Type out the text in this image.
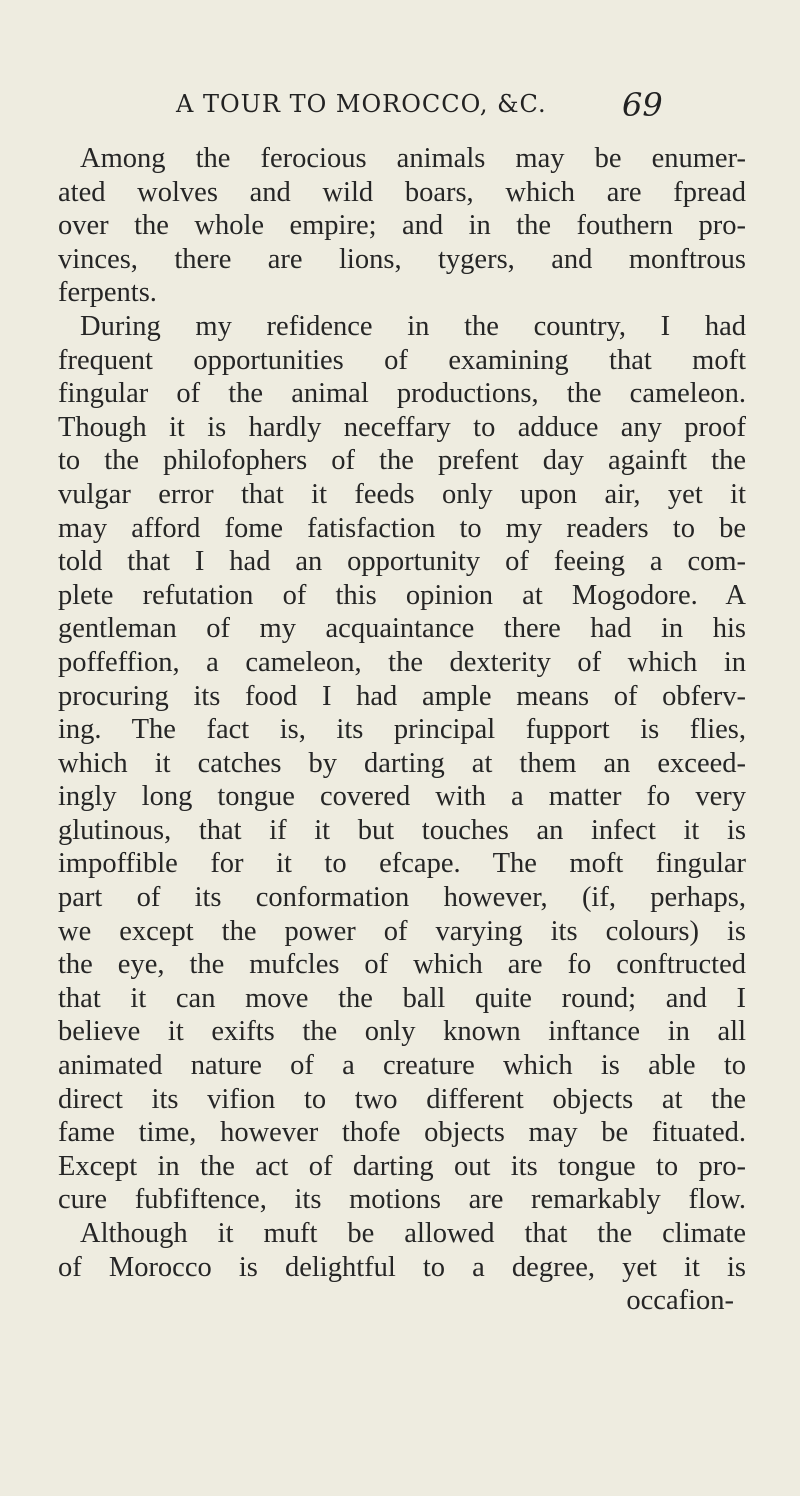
A TOUR TO MOROCCO, &C. 69
Among the ferocious animals may be enumer-
ated wolves and wild boars, which are fpread
over the whole empire; and in the fouthern pro-
vinces, there are lions, tygers, and monftrous
ferpents.
During my refidence in the country, I had
frequent opportunities of examining that moft
fingular of the animal productions, the cameleon.
Though it is hardly neceffary to adduce any proof
to the philofophers of the prefent day againft the
vulgar error that it feeds only upon air, yet it
may afford fome fatisfaction to my readers to be
told that I had an opportunity of feeing a com-
plete refutation of this opinion at Mogodore. A
gentleman of my acquaintance there had in his
poffeffion, a cameleon, the dexterity of which in
procuring its food I had ample means of obferv-
ing. The fact is, its principal fupport is flies,
which it catches by darting at them an exceed-
ingly long tongue covered with a matter fo very
glutinous, that if it but touches an infect it is
impoffible for it to efcape. The moft fingular
part of its conformation however, (if, perhaps,
we except the power of varying its colours) is
the eye, the mufcles of which are fo conftructed
that it can move the ball quite round; and I
believe it exifts the only known inftance in all
animated nature of a creature which is able to
direct its vifion to two different objects at the
fame time, however thofe objects may be fituated.
Except in the act of darting out its tongue to pro-
cure fubfiftence, its motions are remarkably flow.
Although it muft be allowed that the climate
of Morocco is delightful to a degree, yet it is
occafion-
